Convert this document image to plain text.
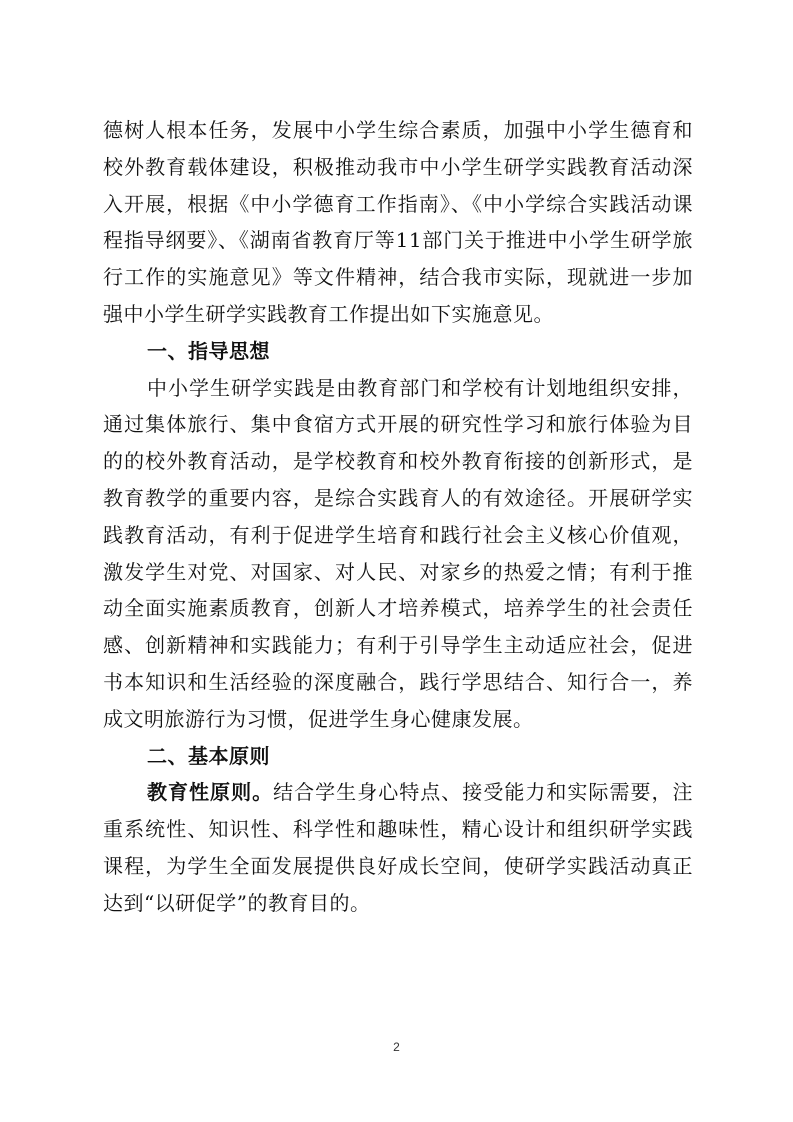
德树人根本任务，发展中小学生综合素质，加强中小学生德育和校外教育载体建设，积极推动我市中小学生研学实践教育活动深入开展，根据《中小学德育工作指南》、《中小学综合实践活动课程指导纲要》、《湖南省教育厅等11部门关于推进中小学生研学旅行工作的实施意见》等文件精神，结合我市实际，现就进一步加强中小学生研学实践教育工作提出如下实施意见。

一、指导思想

中小学生研学实践是由教育部门和学校有计划地组织安排，通过集体旅行、集中食宿方式开展的研究性学习和旅行体验为目的的校外教育活动，是学校教育和校外教育衔接的创新形式，是教育教学的重要内容，是综合实践育人的有效途径。开展研学实践教育活动，有利于促进学生培育和践行社会主义核心价值观，激发学生对党、对国家、对人民、对家乡的热爱之情；有利于推动全面实施素质教育，创新人才培养模式，培养学生的社会责任感、创新精神和实践能力；有利于引导学生主动适应社会，促进书本知识和生活经验的深度融合，践行学思结合、知行合一，养成文明旅游行为习惯，促进学生身心健康发展。

二、基本原则

教育性原则。结合学生身心特点、接受能力和实际需要，注重系统性、知识性、科学性和趣味性，精心设计和组织研学实践课程，为学生全面发展提供良好成长空间，使研学实践活动真正达到“以研促学”的教育目的。

2
